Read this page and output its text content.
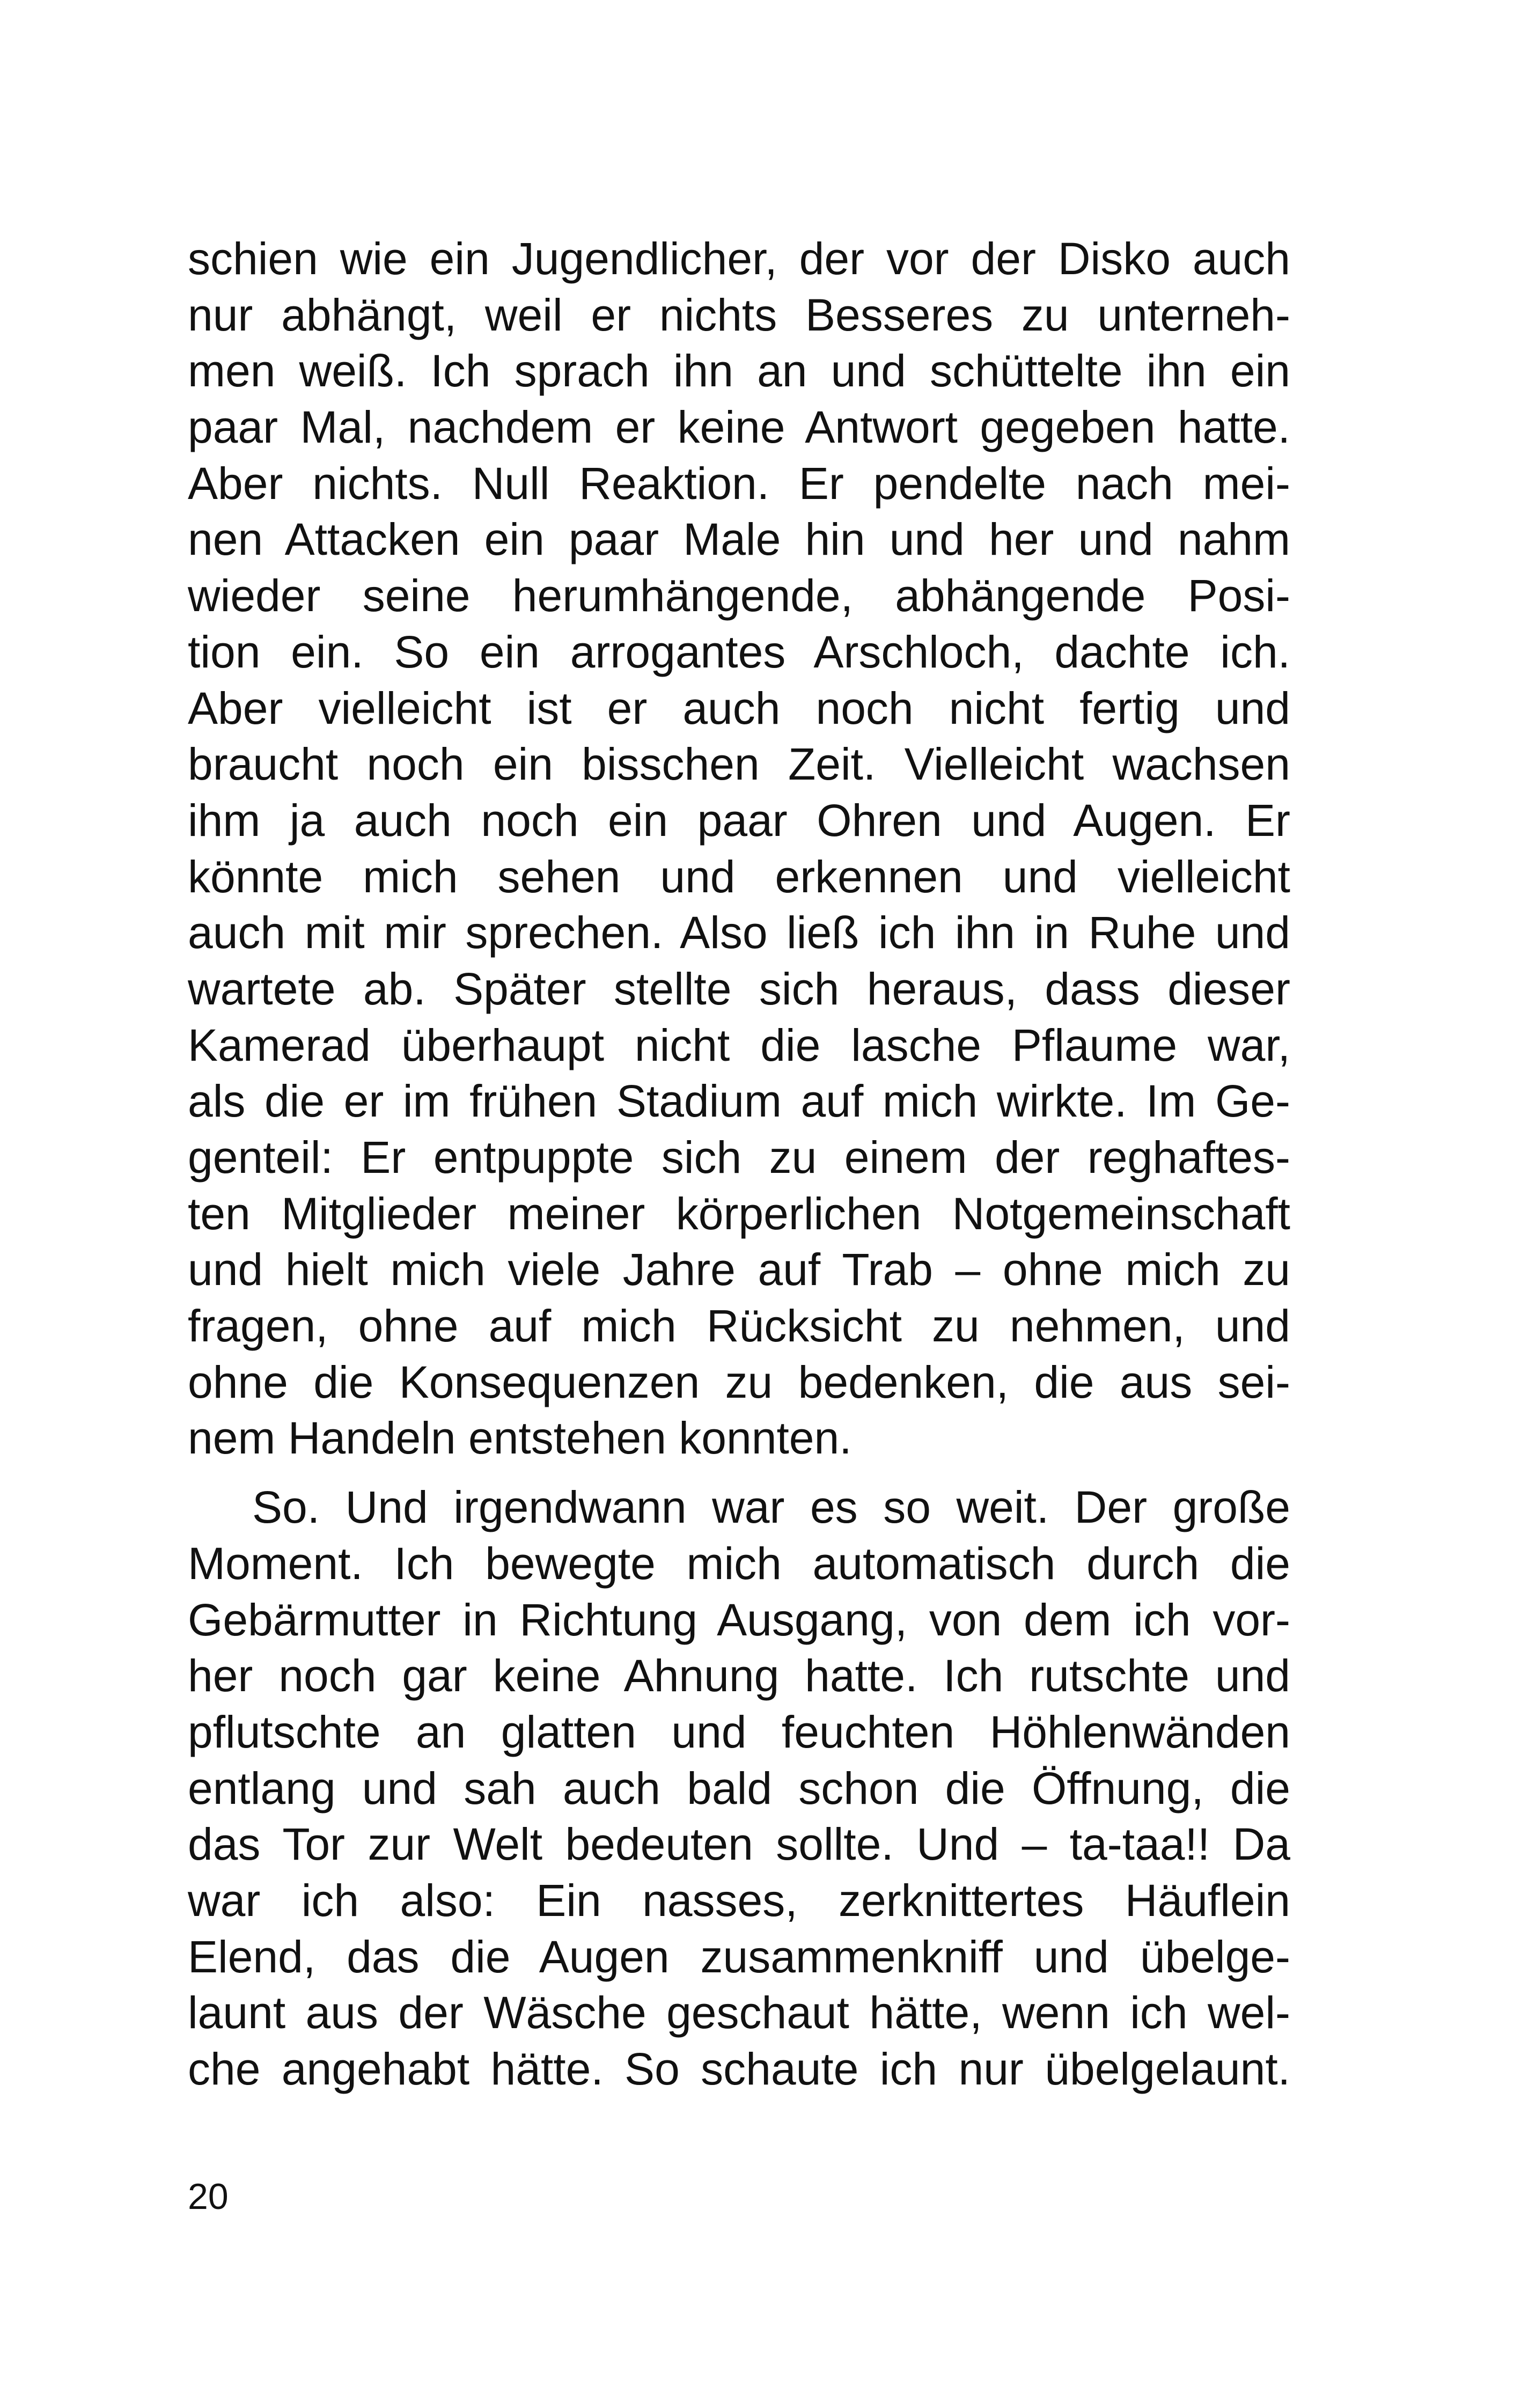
schien wie ein Jugendlicher, der vor der Disko auch
nur abhängt, weil er nichts Besseres zu unterneh-
men weiß. Ich sprach ihn an und schüttelte ihn ein
paar Mal, nachdem er keine Antwort gegeben hatte.
Aber nichts. Null Reaktion. Er pendelte nach mei-
nen Attacken ein paar Male hin und her und nahm
wieder seine herumhängende, abhängende Posi-
tion ein. So ein arrogantes Arschloch, dachte ich.
Aber vielleicht ist er auch noch nicht fertig und
braucht noch ein bisschen Zeit. Vielleicht wachsen
ihm ja auch noch ein paar Ohren und Augen. Er
könnte mich sehen und erkennen und vielleicht
auch mit mir sprechen. Also ließ ich ihn in Ruhe und
wartete ab. Später stellte sich heraus, dass dieser
Kamerad überhaupt nicht die lasche Pflaume war,
als die er im frühen Stadium auf mich wirkte. Im Ge-
genteil: Er entpuppte sich zu einem der reghaftes-
ten Mitglieder meiner körperlichen Notgemeinschaft
und hielt mich viele Jahre auf Trab – ohne mich zu
fragen, ohne auf mich Rücksicht zu nehmen, und
ohne die Konsequenzen zu bedenken, die aus sei-
nem Handeln entstehen konnten.
So. Und irgendwann war es so weit. Der große
Moment. Ich bewegte mich automatisch durch die
Gebärmutter in Richtung Ausgang, von dem ich vor-
her noch gar keine Ahnung hatte. Ich rutschte und
pflutschte an glatten und feuchten Höhlenwänden
entlang und sah auch bald schon die Öffnung, die
das Tor zur Welt bedeuten sollte. Und – ta-taa!! Da
war ich also: Ein nasses, zerknittertes Häuflein
Elend, das die Augen zusammenkniff und übelge-
launt aus der Wäsche geschaut hätte, wenn ich wel-
che angehabt hätte. So schaute ich nur übelgelaunt.
20
